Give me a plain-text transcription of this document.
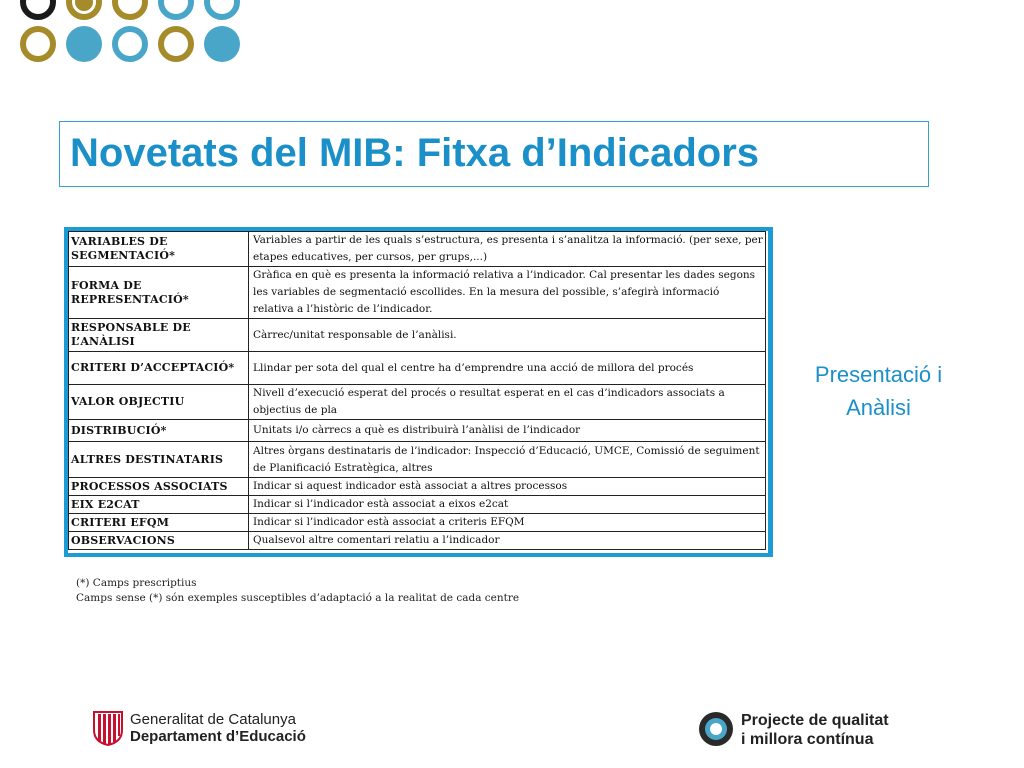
Novetats del MIB: Fitxa d’Indicadors
VARIABLES DE SEGMENTACIÓ*	Variables a partir de les quals s’estructura, es presenta i s’analitza la informació. (per sexe, per etapes educatives, per cursos, per grups,...)
FORMA DE REPRESENTACIÓ*	Gràfica en què es presenta la informació relativa a l’indicador. Cal presentar les dades segons les variables de segmentació escollides. En la mesura del possible, s’afegirà informació relativa a l’històric de l’indicador.
RESPONSABLE DE L’ANÀLISI	Càrrec/unitat responsable de l’anàlisi.
CRITERI D’ACCEPTACIÓ*	Llindar per sota del qual el centre ha d’emprendre una acció de millora del procés
VALOR OBJECTIU	Nivell d’execució esperat del procés o resultat esperat en el cas d’indicadors associats a objectius de pla
DISTRIBUCIÓ*	Unitats i/o càrrecs a què es distribuirà l’anàlisi de l’indicador
ALTRES DESTINATARIS	Altres òrgans destinataris de l’indicador: Inspecció d’Educació, UMCE, Comissió de seguiment de Planificació Estratègica, altres
PROCESSOS ASSOCIATS	Indicar si aquest indicador està associat a altres processos
EIX E2CAT	Indicar si l’indicador està associat a eixos e2cat
CRITERI EFQM	Indicar si l’indicador està associat a criteris EFQM
OBSERVACIONS	Qualsevol altre comentari relatiu a l’indicador
Presentació i
Anàlisi
(*) Camps prescriptius
Camps sense (*) són exemples susceptibles d’adaptació a la realitat de cada centre
Generalitat de Catalunya
Departament d’Educació
Projecte de qualitat
i millora contínua
